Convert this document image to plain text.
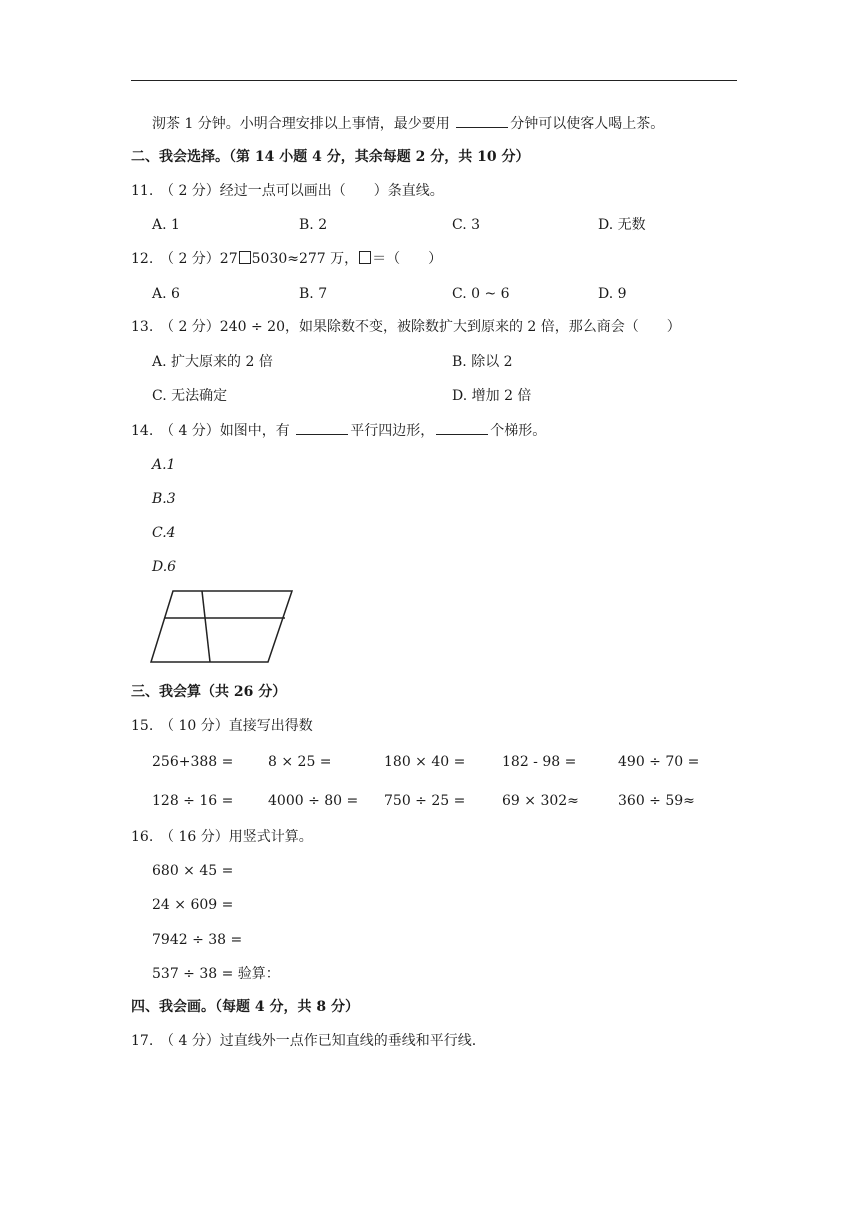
沏茶 1 分钟。小明合理安排以上事情，最少要用	分钟可以使客人喝上茶。
二、我会选择。（第 14 小题 4 分，其余每题 2 分，共 10 分）
11. （ 2 分）经过一点可以画出（　　）条直线。
A. 1	B. 2	C. 3	D. 无数
12. （ 2 分）27 5030≈277 万， ＝（　　）
A. 6	B. 7	C. 0 ~ 6	D. 9
13. （ 2 分）240 ÷ 20，如果除数不变，被除数扩大到原来的 2 倍，那么商会（　　）
A. 扩大原来的 2 倍	B. 除以 2
C. 无法确定	D. 增加 2 倍
14. （ 4 分）如图中，有	平行四边形，	个梯形。
A.1
B.3
C.4
D.6
三、我会算（共 26 分）
15. （ 10 分）直接写出得数
256+388 = 8 × 25 =	180 × 40 =	182 - 98 =	490 ÷ 70 =
128 ÷ 16 = 4000 ÷ 80 = 750 ÷ 25 =	69 × 302≈	360 ÷ 59≈
16. （ 16 分）用竖式计算。
680 × 45 =
24 × 609 =
7942 ÷ 38 =
537 ÷ 38 = 验算：
四、我会画。（每题 4 分，共 8 分）
17. （ 4 分）过直线外一点作已知直线的垂线和平行线.
